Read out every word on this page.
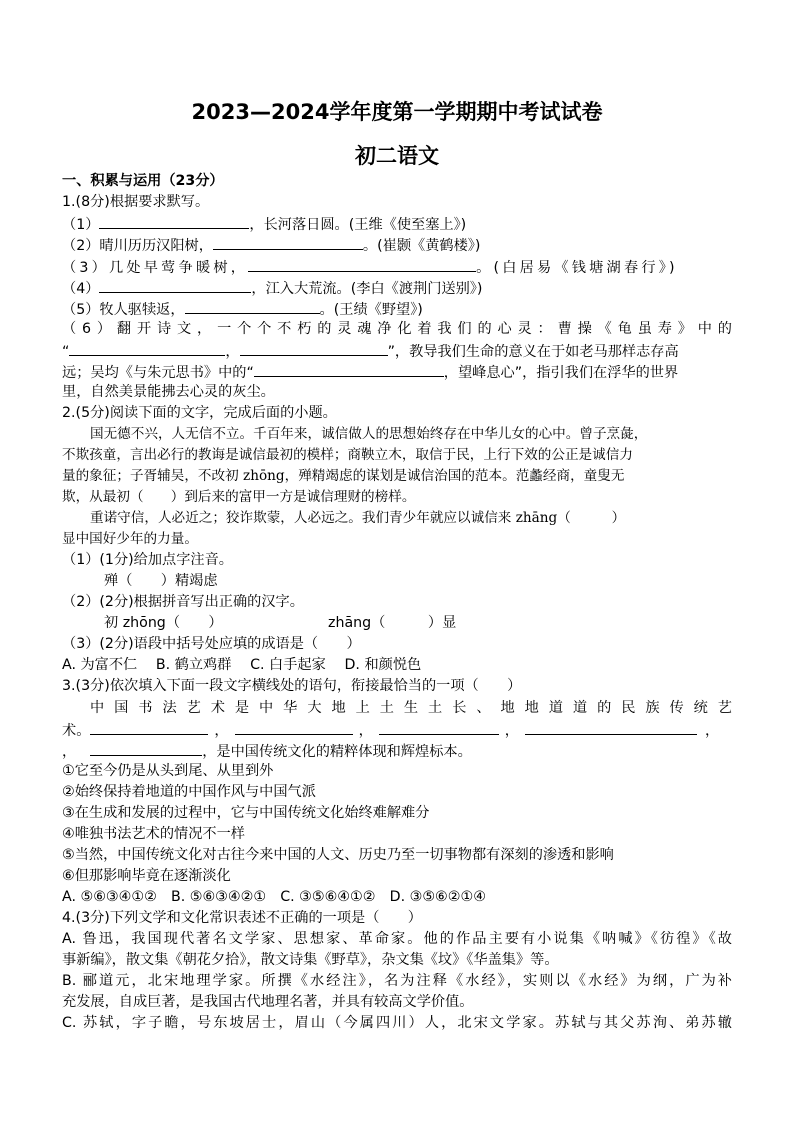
2023—2024学年度第一学期期中考试试卷
初二语文
一、积累与运用（23分）
1.(8分)根据要求默写。
（1）	，长河落日圆。(王维《使至塞上》)
（2）晴川历历汉阳树，	。(崔颢《黄鹤楼》)
（3）几处早莺争暖树，	。(白居易《钱塘湖春行》)
（4）	，江入大荒流。(李白《渡荆门送别》)
（5）牧人驱犊返，	。(王绩《野望》)
（6）翻开诗文，一个个不朽的灵魂净化着我们的心灵：曹操《龟虽寿》中的
“	，	”，教导我们生命的意义在于如老马那样志存高
远；吴均《与朱元思书》中的“	，望峰息心”，指引我们在浮华的世界
里，自然美景能拂去心灵的灰尘。
2.(5分)阅读下面的文字，完成后面的小题。
国无德不兴，人无信不立。千百年来，诚信做人的思想始终存在中华儿女的心中。曾子烹彘，
不欺孩童，言出必行的教诲是诚信最初的模样；商鞅立木，取信于民，上行下效的公正是诚信力
量的象征；子胥辅吴，不改初 zhōng，殚精竭虑的谋划是诚信治国的范本。范蠡经商，童叟无
欺，从最初（　　）到后来的富甲一方是诚信理财的榜样。
重诺守信，人必近之；狡诈欺蒙，人必远之。我们青少年就应以诚信来 zhāng（　　　）
显中国好少年的力量。
（1）(1分)给加点字注音。
殚（　　）精竭虑
（2）(2分)根据拼音写出正确的汉字。
初 zhōng（　　）	zhāng（　　　）显
（3）(2分)语段中括号处应填的成语是（　　）
A. 为富不仁　 B. 鹤立鸡群　 C. 白手起家　 D. 和颜悦色
3.(3分)依次填入下面一段文字横线处的语句，衔接最恰当的一项（　　）
中国书法艺术是中华大地上土生土长、地地道道的民族传统艺
术。	，	，	，	，
，	，是中国传统文化的精粹体现和辉煌标本。
①它至今仍是从头到尾、从里到外
②始终保持着地道的中国作风与中国气派
③在生成和发展的过程中，它与中国传统文化始终难解难分
④唯独书法艺术的情况不一样
⑤当然，中国传统文化对古往今来中国的人文、历史乃至一切事物都有深刻的渗透和影响
⑥但那影响毕竟在逐渐淡化
A. ⑤⑥③④①②　B. ⑤⑥③④②①　C. ③⑤⑥④①②　D. ③⑤⑥②①④
4.(3分)下列文学和文化常识表述不正确的一项是（　　）
A. 鲁迅，我国现代著名文学家、思想家、革命家。他的作品主要有小说集《呐喊》《彷徨》《故
事新编》，散文集《朝花夕拾》，散文诗集《野草》，杂文集《坟》《华盖集》等。
B. 郦道元，北宋地理学家。所撰《水经注》，名为注释《水经》，实则以《水经》为纲，广为补
充发展，自成巨著，是我国古代地理名著，并具有较高文学价值。
C. 苏轼，字子瞻，号东坡居士，眉山（今属四川）人，北宋文学家。苏轼与其父苏洵、弟苏辙
